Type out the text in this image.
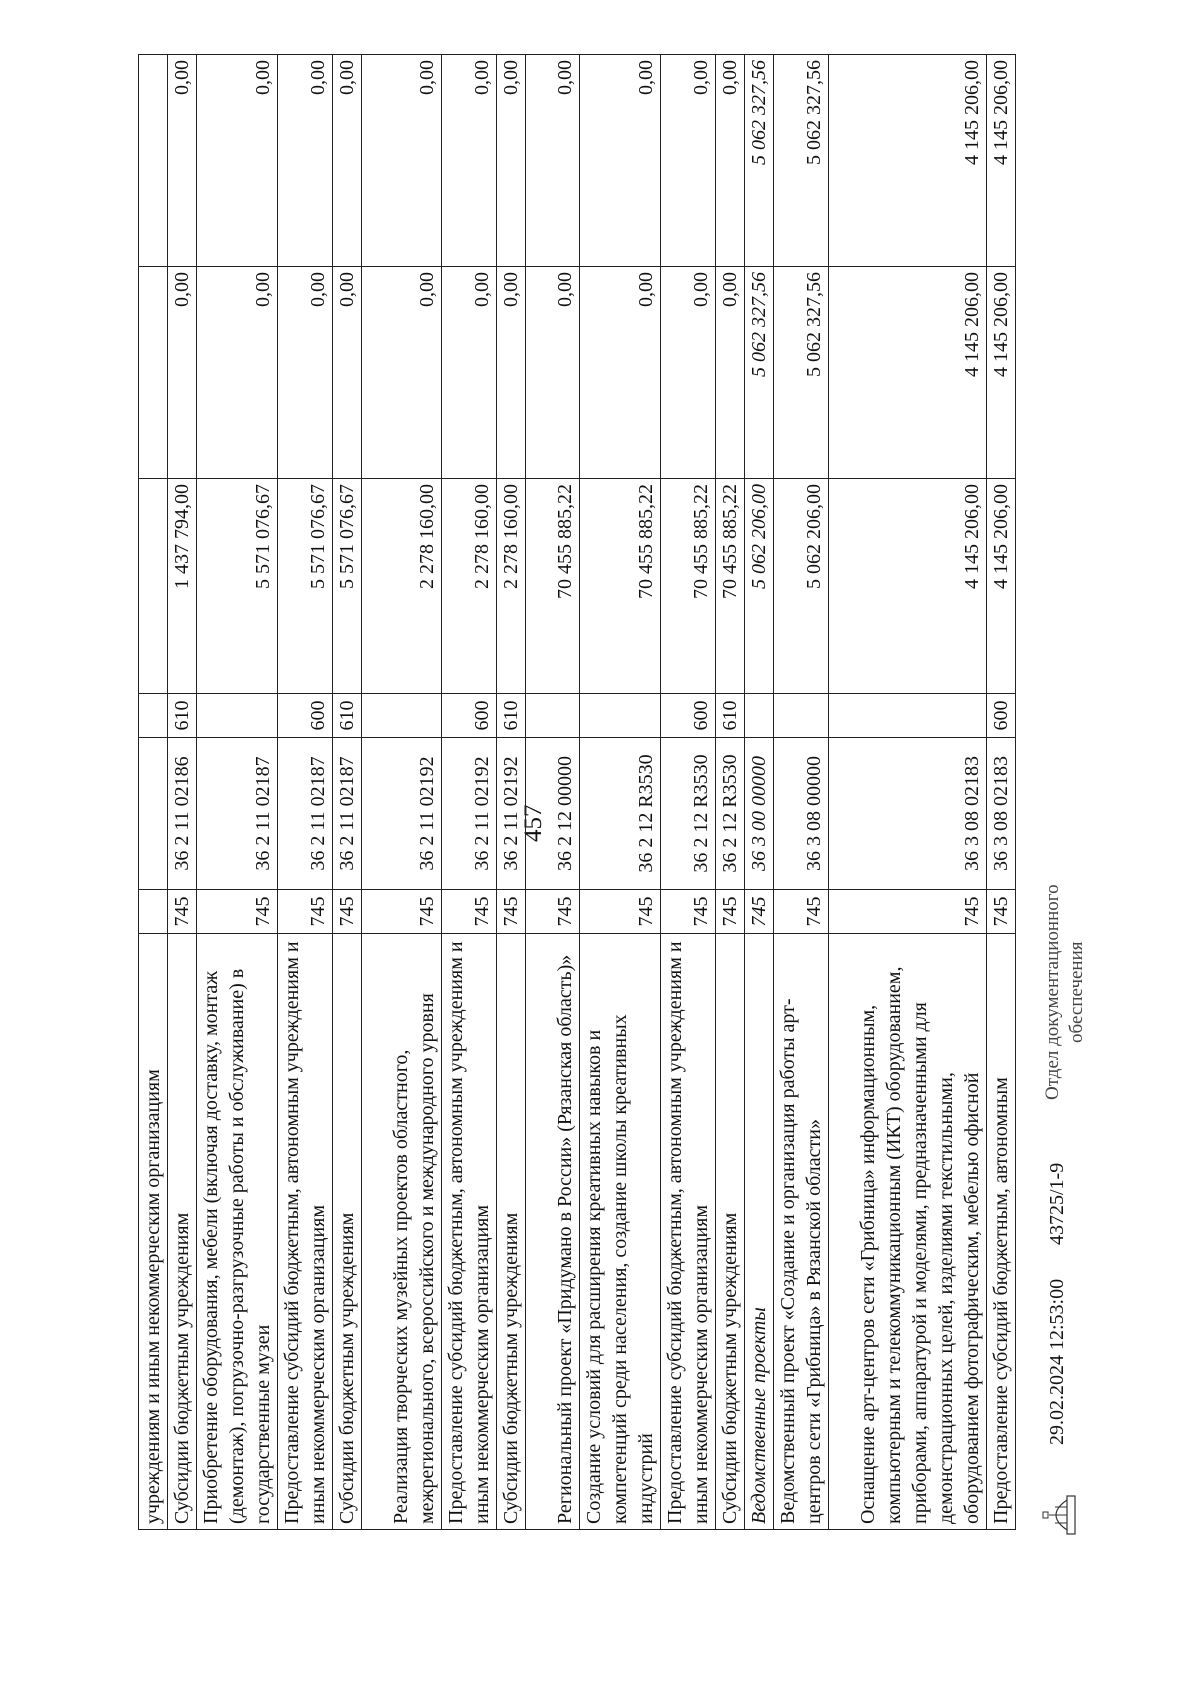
457
учреждениям и иным некоммерческим организациям						
Субсидии бюджетным учреждениям	745	36 2 11 02186	610	1 437 794,00	0,00	0,00
Приобретение оборудования, мебели (включая доставку, монтаж (демонтаж), погрузочно-разгрузочные работы и обслуживание) в государственные музеи	745	36 2 11 02187		5 571 076,67	0,00	0,00
Предоставление субсидий бюджетным, автономным учреждениям и иным некоммерческим организациям	745	36 2 11 02187	600	5 571 076,67	0,00	0,00
Субсидии бюджетным учреждениям	745	36 2 11 02187	610	5 571 076,67	0,00	0,00
Реализация творческих музейных проектов областного, межрегионального, всероссийского и международного уровня	745	36 2 11 02192		2 278 160,00	0,00	0,00
Предоставление субсидий бюджетным, автономным учреждениям и иным некоммерческим организациям	745	36 2 11 02192	600	2 278 160,00	0,00	0,00
Субсидии бюджетным учреждениям	745	36 2 11 02192	610	2 278 160,00	0,00	0,00
Региональный проект «Придумано в России» (Рязанская область)»	745	36 2 12 00000		70 455 885,22	0,00	0,00
Создание условий для расширения креативных навыков и компетенций среди населения, создание школы креативных индустрий	745	36 2 12 R3530		70 455 885,22	0,00	0,00
Предоставление субсидий бюджетным, автономным учреждениям и иным некоммерческим организациям	745	36 2 12 R3530	600	70 455 885,22	0,00	0,00
Субсидии бюджетным учреждениям	745	36 2 12 R3530	610	70 455 885,22	0,00	0,00
Ведомственные проекты	745	36 3 00 00000		5 062 206,00	5 062 327,56	5 062 327,56
Ведомственный проект «Создание и организация работы арт-центров сети «Грибница» в Рязанской области»	745	36 3 08 00000		5 062 206,00	5 062 327,56	5 062 327,56
Оснащение арт-центров сети «Грибница» информационным, компьютерным и телекоммуникационным (ИКТ) оборудованием, приборами, аппаратурой и моделями, предназначенными для демонстрационных целей, изделиями текстильными, оборудованием фотографическим, мебелью офисной	745	36 3 08 02183		4 145 206,00	4 145 206,00	4 145 206,00
Предоставление субсидий бюджетным, автономным	745	36 3 08 02183	600	4 145 206,00	4 145 206,00	4 145 206,00
29.02.2024 12:53:00
43725/1-9
Отдел документационного обеспечения
